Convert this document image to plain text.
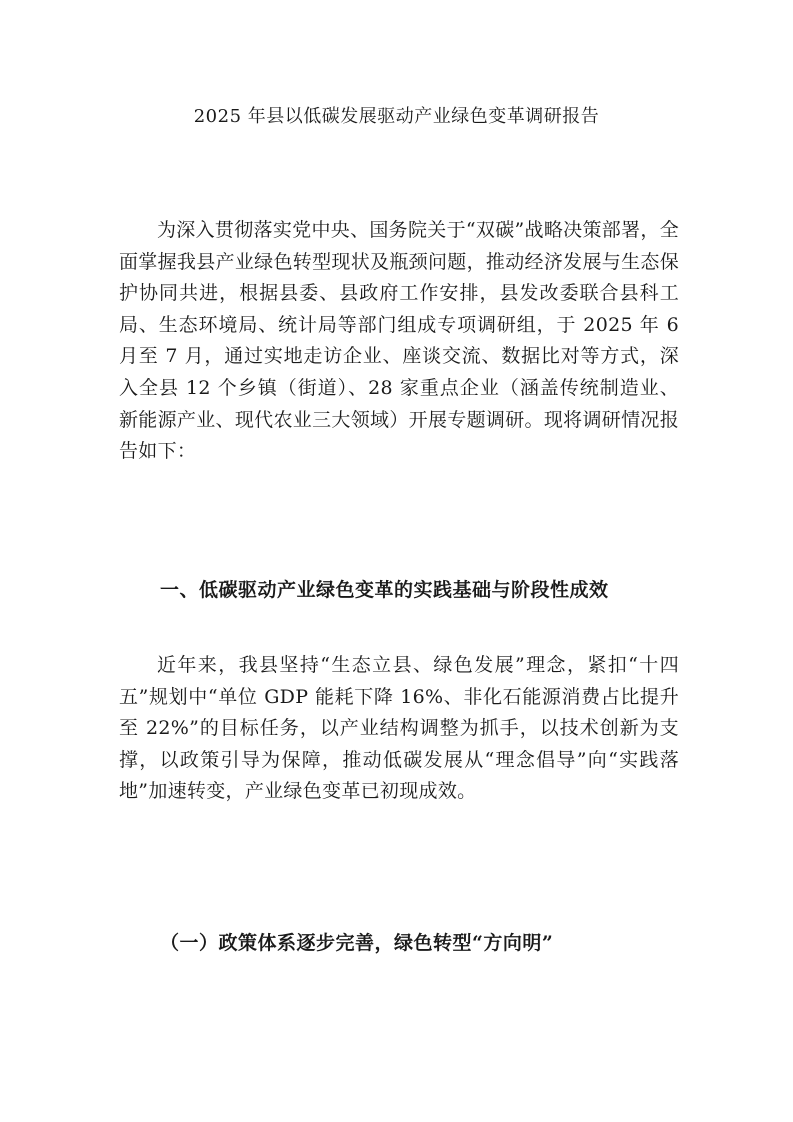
2025 年县以低碳发展驱动产业绿色变革调研报告

为深入贯彻落实党中央、国务院关于“双碳”战略决策部署，全面掌握我县产业绿色转型现状及瓶颈问题，推动经济发展与生态保护协同共进，根据县委、县政府工作安排，县发改委联合县科工局、生态环境局、统计局等部门组成专项调研组，于 2025 年 6 月至 7 月，通过实地走访企业、座谈交流、数据比对等方式，深入全县 12 个乡镇（街道）、28 家重点企业（涵盖传统制造业、新能源产业、现代农业三大领域）开展专题调研。现将调研情况报告如下：

一、低碳驱动产业绿色变革的实践基础与阶段性成效

近年来，我县坚持“生态立县、绿色发展”理念，紧扣“十四五”规划中“单位 GDP 能耗下降 16%、非化石能源消费占比提升至 22%”的目标任务，以产业结构调整为抓手，以技术创新为支撑，以政策引导为保障，推动低碳发展从“理念倡导”向“实践落地”加速转变，产业绿色变革已初现成效。

（一）政策体系逐步完善，绿色转型“方向明”
